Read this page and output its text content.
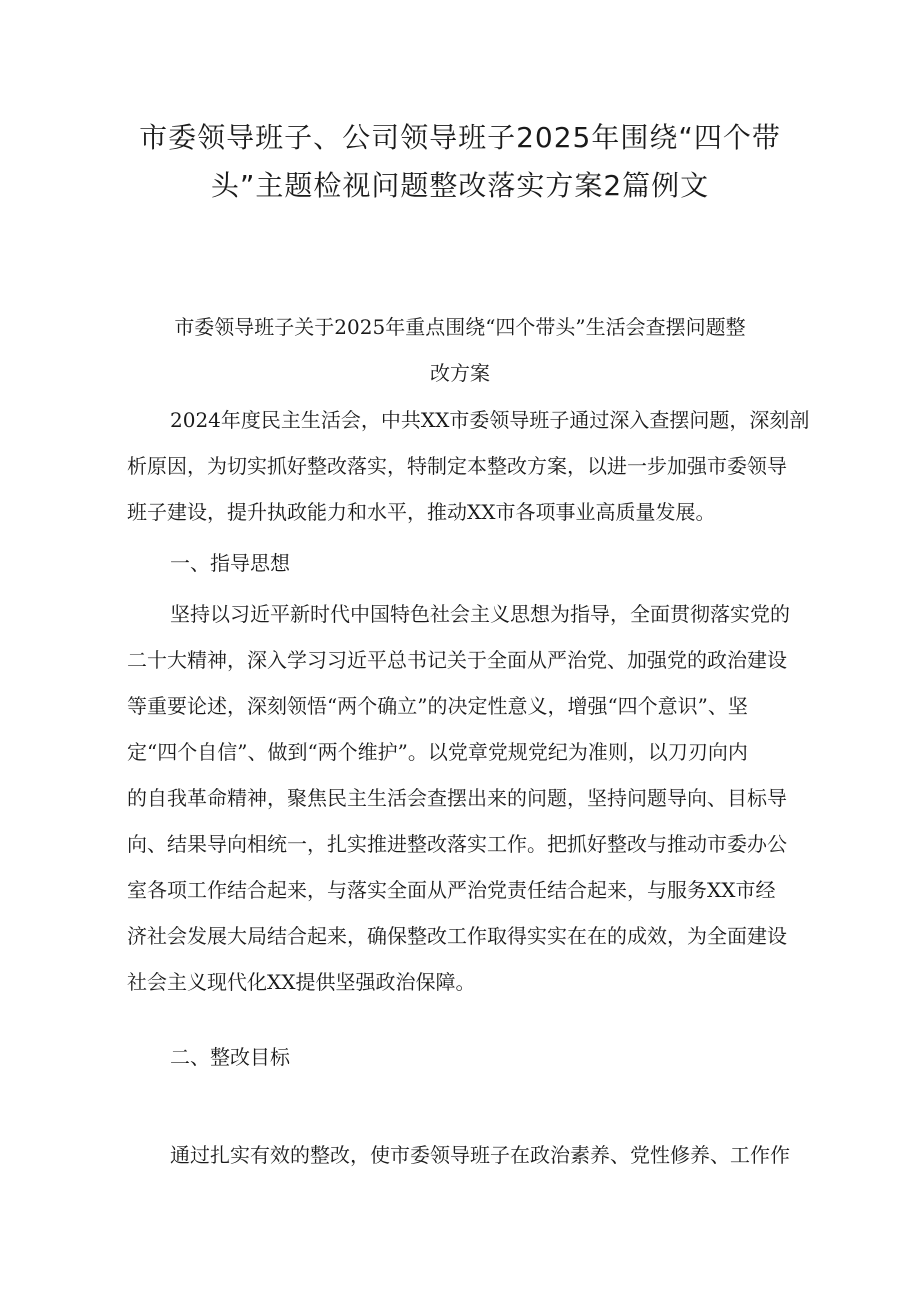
市委领导班子、公司领导班子2025年围绕“四个带
头”主题检视问题整改落实方案2篇例文
市委领导班子关于2025年重点围绕“四个带头”生活会查摆问题整
改方案

2024年度民主生活会，中共XX市委领导班子通过深入查摆问题，深刻剖

析原因，为切实抓好整改落实，特制定本整改方案，以进一步加强市委领导

班子建设，提升执政能力和水平，推动XX市各项事业高质量发展。

一、指导思想

坚持以习近平新时代中国特色社会主义思想为指导，全面贯彻落实党的

二十大精神，深入学习习近平总书记关于全面从严治党、加强党的政治建设

等重要论述，深刻领悟“两个确立”的决定性意义，增强“四个意识”、坚

定“四个自信”、做到“两个维护”。以党章党规党纪为准则，以刀刃向内

的自我革命精神，聚焦民主生活会查摆出来的问题，坚持问题导向、目标导

向、结果导向相统一，扎实推进整改落实工作。把抓好整改与推动市委办公

室各项工作结合起来，与落实全面从严治党责任结合起来，与服务XX市经

济社会发展大局结合起来，确保整改工作取得实实在在的成效，为全面建设

社会主义现代化XX提供坚强政治保障。

二、整改目标

通过扎实有效的整改，使市委领导班子在政治素养、党性修养、工作作
